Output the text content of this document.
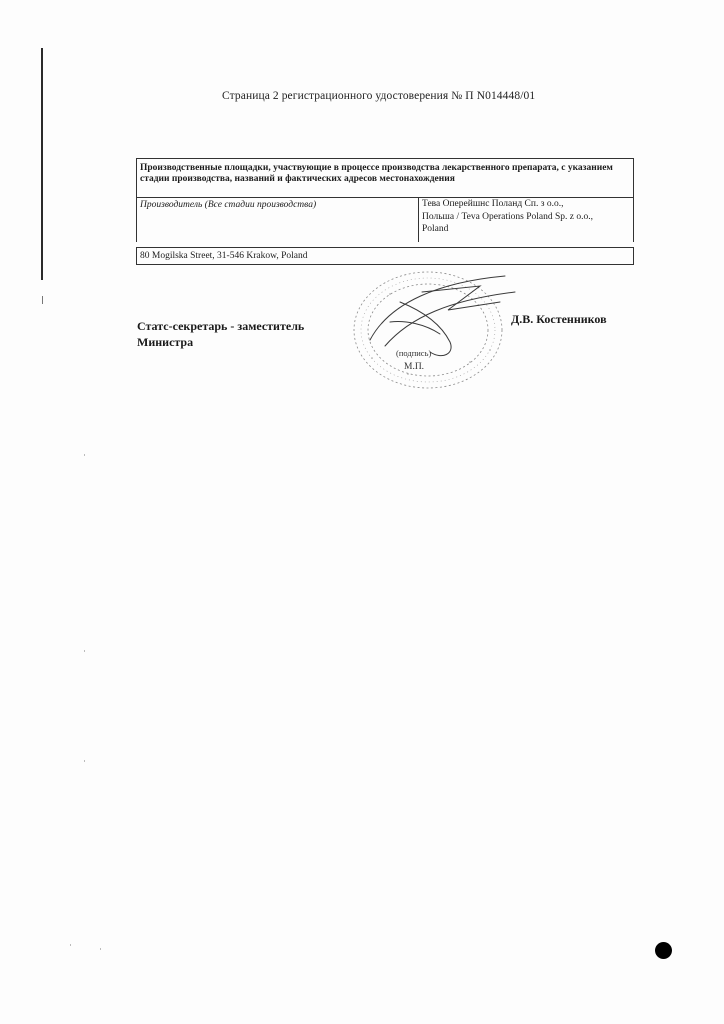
Страница 2 регистрационного удостоверения № П N014448/01
Производственные площадки, участвующие в процессе производства лекарственного препарата, с указанием стадии производства, названий и фактических адресов местонахождения
Производитель (Все стадии производства)	Тева Оперейшнс Поланд Сп. з о.о.,
Польша / Teva Operations Poland Sp. z o.o.,
Poland
80 Mogilska Street, 31-546 Krakow, Poland
Статс-секретарь - заместитель
Министра
Д.В. Костенников
(подпись)
М.П.
